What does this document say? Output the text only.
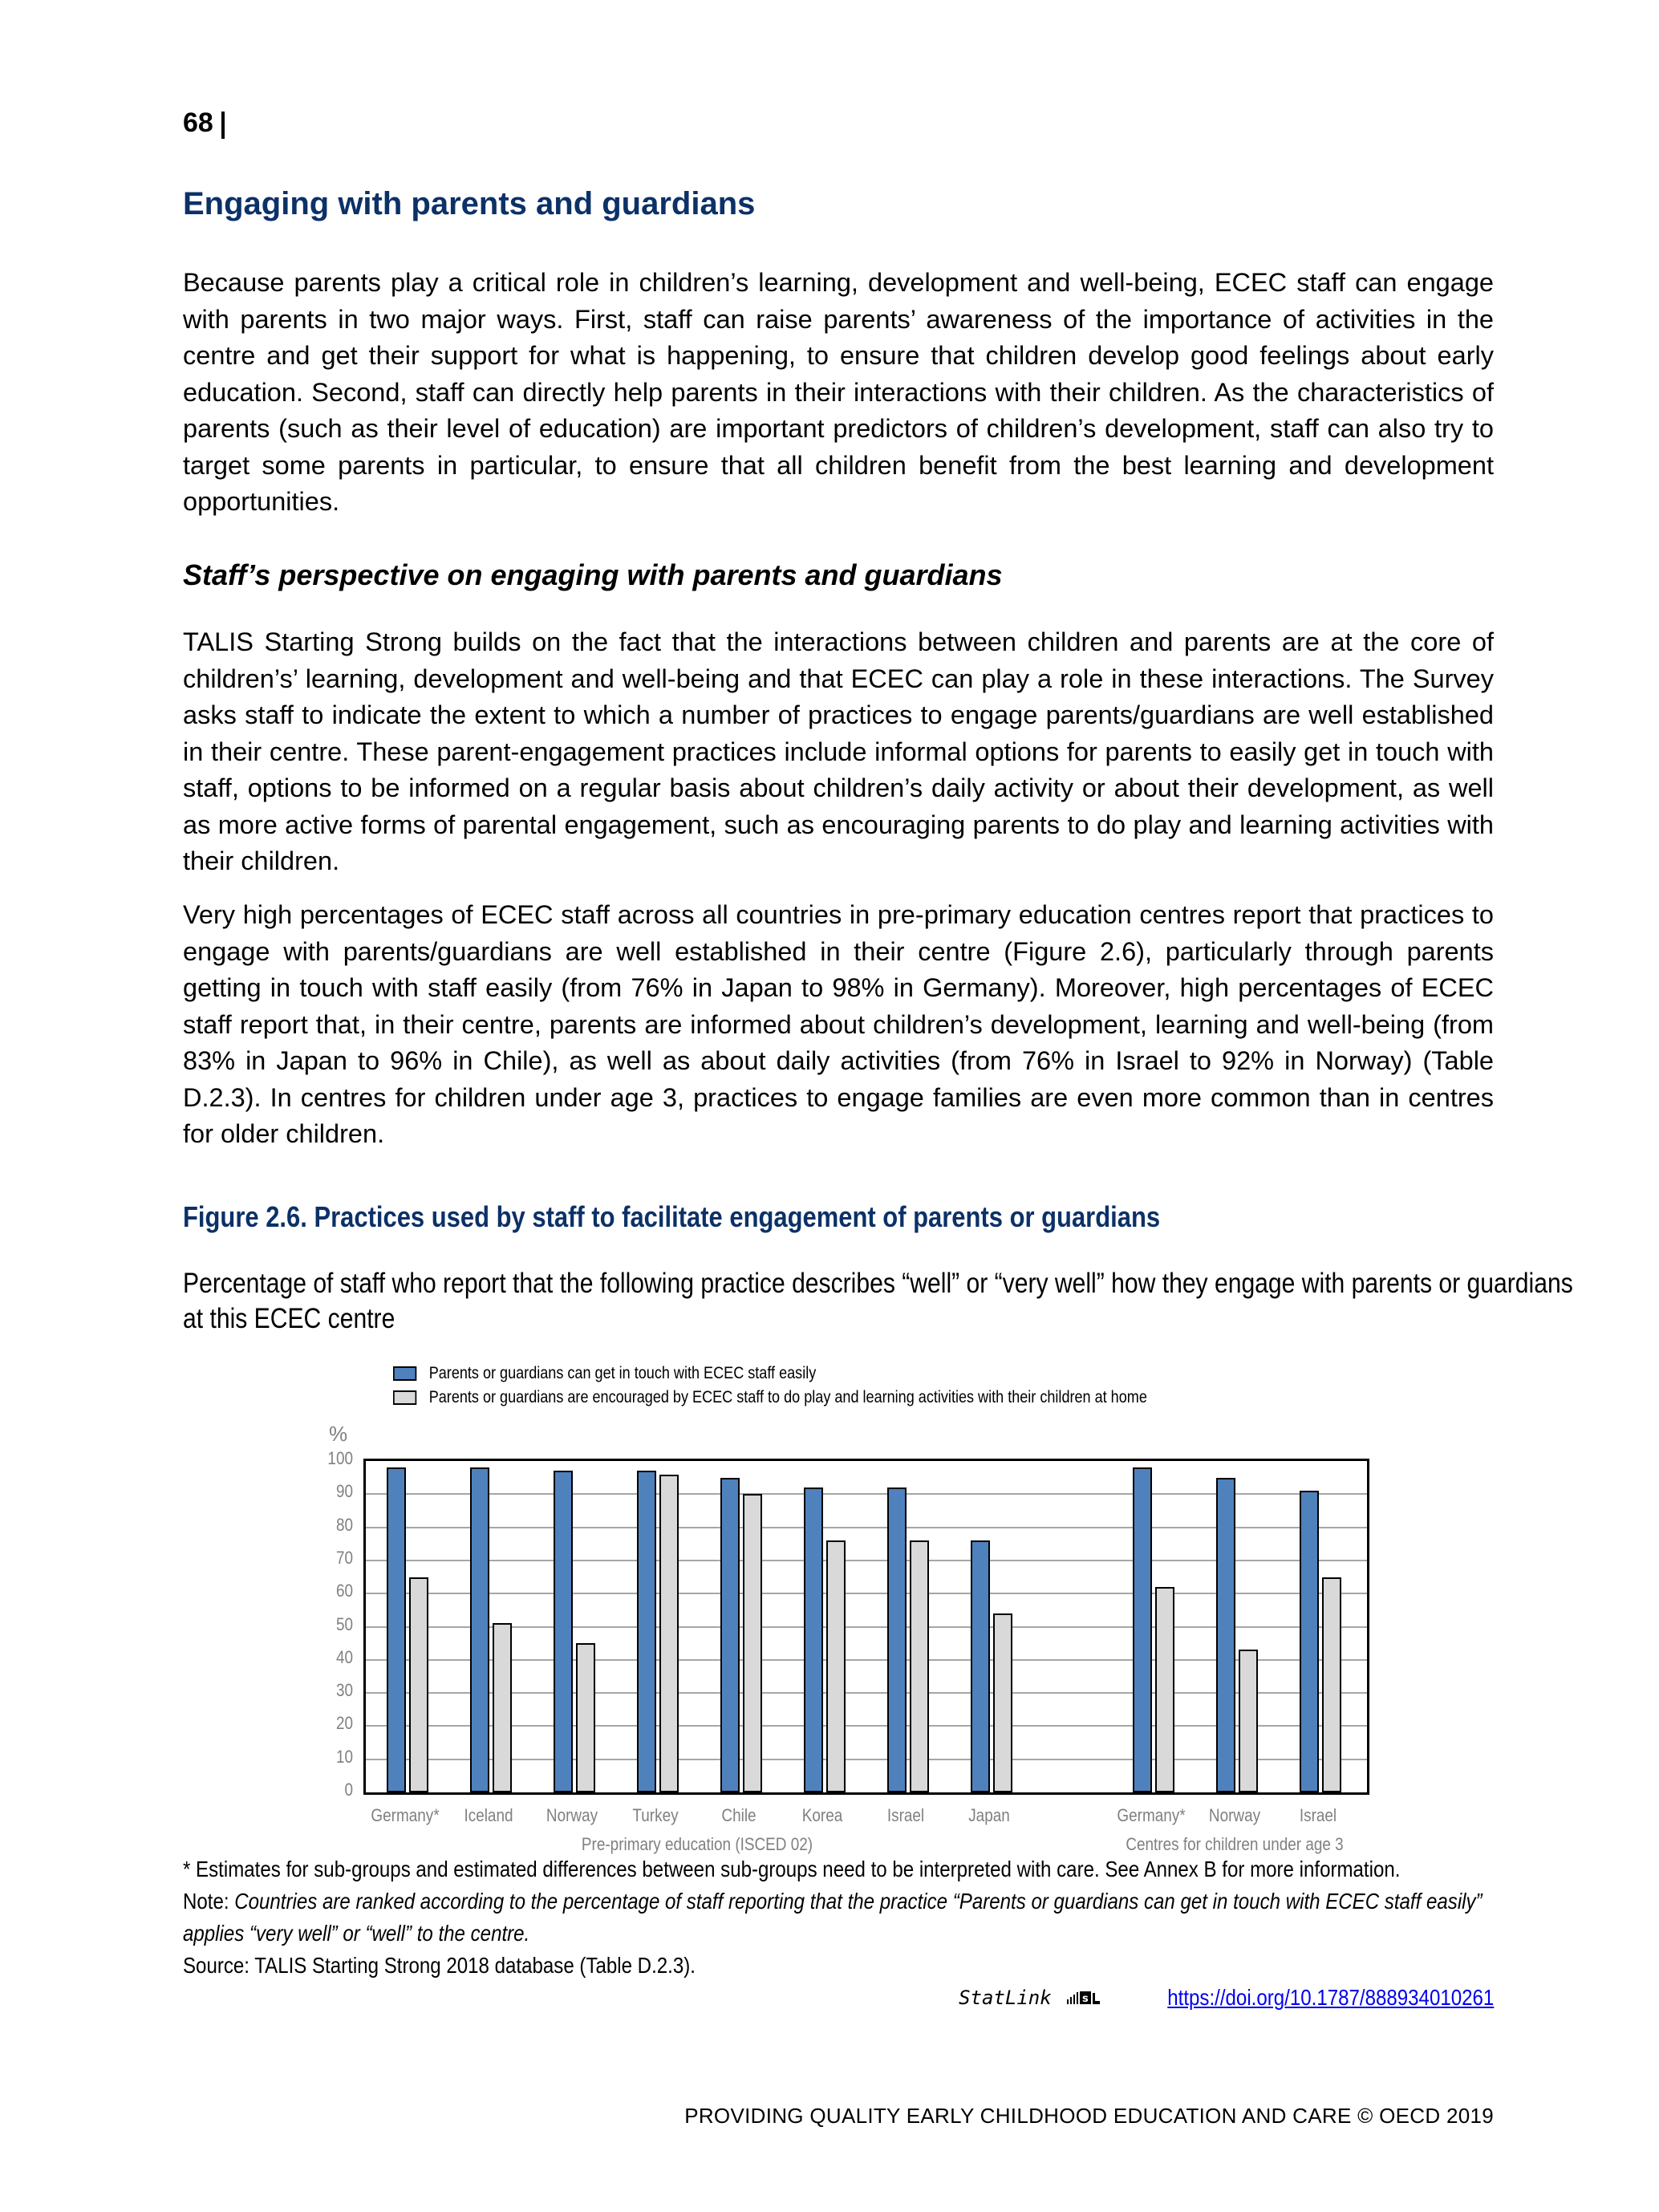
68
Engaging with parents and guardians
Because parents play a critical role in children’s learning, development and well-being, ECEC staff can engage with parents in two major ways. First, staff can raise parents’ awareness of the importance of activities in the centre and get their support for what is happening, to ensure that children develop good feelings about early education. Second, staff can directly help parents in their interactions with their children. As the characteristics of parents (such as their level of education) are important predictors of children’s development, staff can also try to target some parents in particular, to ensure that all children benefit from the best learning and development opportunities.
Staff’s perspective on engaging with parents and guardians
TALIS Starting Strong builds on the fact that the interactions between children and parents are at the core of children’s’ learning, development and well-being and that ECEC can play a role in these interactions. The Survey asks staff to indicate the extent to which a number of practices to engage parents/guardians are well established in their centre. These parent-engagement practices include informal options for parents to easily get in touch with staff, options to be informed on a regular basis about children’s daily activity or about their development, as well as more active forms of parental engagement, such as encouraging parents to do play and learning activities with their children.
Very high percentages of ECEC staff across all countries in pre-primary education centres report that practices to engage with parents/guardians are well established in their centre (Figure 2.6), particularly through parents getting in touch with staff easily (from 76% in Japan to 98% in Germany). Moreover, high percentages of ECEC staff report that, in their centre, parents are informed about children’s development, learning and well-being (from 83% in Japan to 96% in Chile), as well as about daily activities (from 76% in Israel to 92% in Norway) (Table D.2.3). In centres for children under age 3, practices to engage families are even more common than in centres for older children.
Figure 2.6. Practices used by staff to facilitate engagement of parents or guardians
Percentage of staff who report that the following practice describes “well” or “very well” how they engage with parents or guardians at this ECEC centre
Parents or guardians can get in touch with ECEC staff easily
Parents or guardians are encouraged by ECEC staff to do play and learning activities with their children at home
%
0
10
20
30
40
50
60
70
80
90
100
Germany*	Iceland	Norway	Turkey	Chile	Korea	Israel	Japan	Germany*	Norway	Israel
Pre-primary education (ISCED 02)	Centres for children under age 3
* Estimates for sub-groups and estimated differences between sub-groups need to be interpreted with care. See Annex B for more information.
Note: Countries are ranked according to the percentage of staff reporting that the practice “Parents or guardians can get in touch with ECEC staff easily” applies “very well” or “well” to the centre.
Source: TALIS Starting Strong 2018 database (Table D.2.3).
StatLink	s	https://doi.org/10.1787/888934010261
PROVIDING QUALITY EARLY CHILDHOOD EDUCATION AND CARE © OECD 2019
